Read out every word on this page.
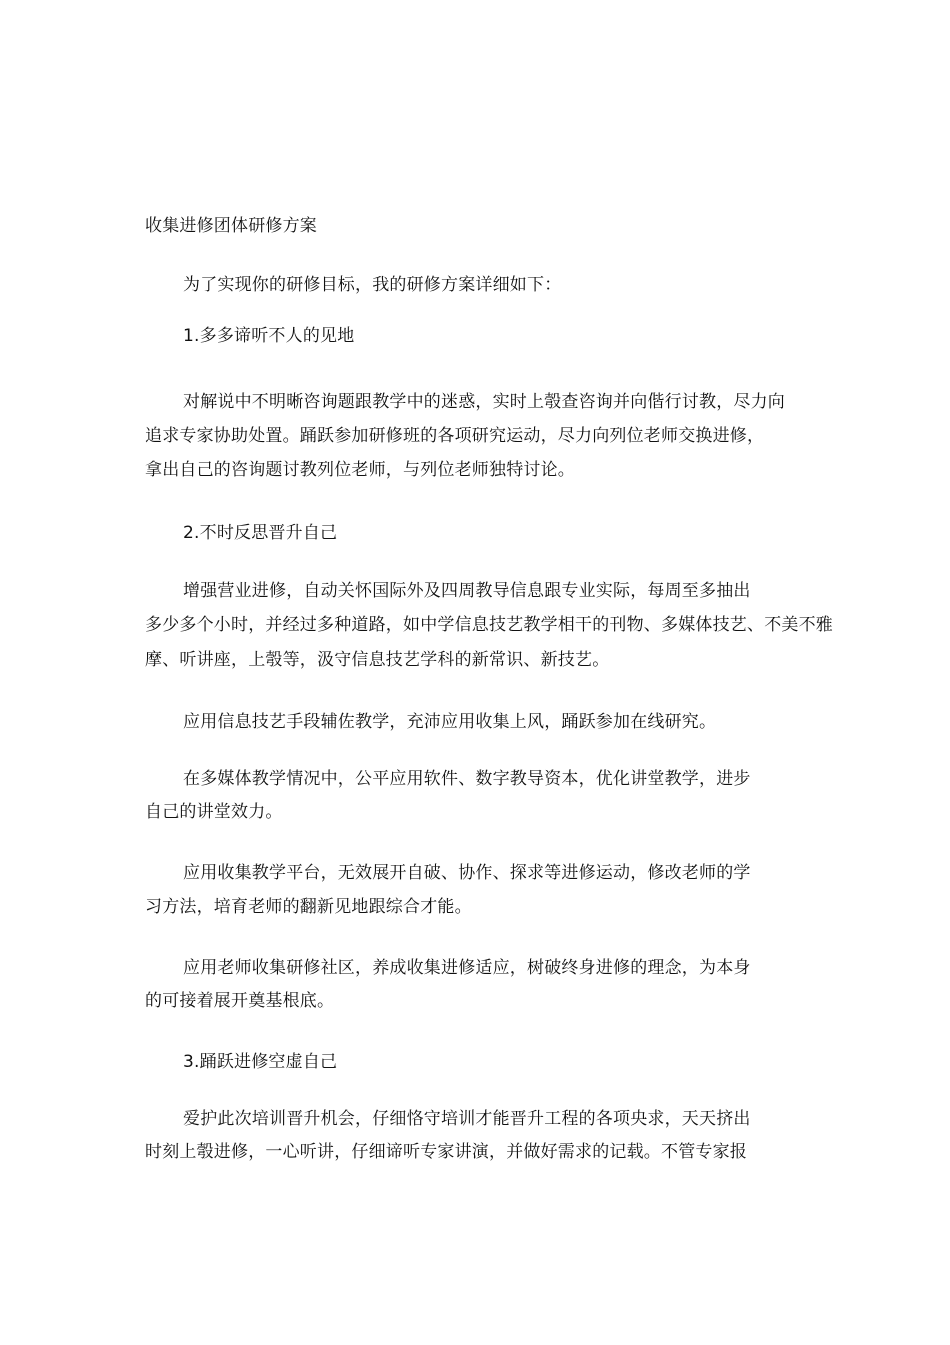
收集进修团体研修方案
为了实现你的研修目标，我的研修方案详细如下：
1.多多谛听不人的见地
对解说中不明晰咨询题跟教学中的迷惑，实时上彀查咨询并向偕行讨教，尽力向
追求专家协助处置。踊跃参加研修班的各项研究运动，尽力向列位老师交换进修，
拿出自己的咨询题讨教列位老师，与列位老师独特讨论。
2.不时反思晋升自己
增强营业进修，自动关怀国际外及四周教导信息跟专业实际，每周至多抽出
多少多个小时，并经过多种道路，如中学信息技艺教学相干的刊物、多媒体技艺、不美不雅
摩、听讲座，上彀等，汲守信息技艺学科的新常识、新技艺。
应用信息技艺手段辅佐教学，充沛应用收集上风，踊跃参加在线研究。
在多媒体教学情况中，公平应用软件、数字教导资本，优化讲堂教学，进步
自己的讲堂效力。
应用收集教学平台，无效展开自破、协作、探求等进修运动，修改老师的学
习方法，培育老师的翻新见地跟综合才能。
应用老师收集研修社区，养成收集进修适应，树破终身进修的理念，为本身
的可接着展开奠基根底。
3.踊跃进修空虚自己
爱护此次培训晋升机会，仔细恪守培训才能晋升工程的各项央求，天天挤出
时刻上彀进修，一心听讲，仔细谛听专家讲演，并做好需求的记载。不管专家报
